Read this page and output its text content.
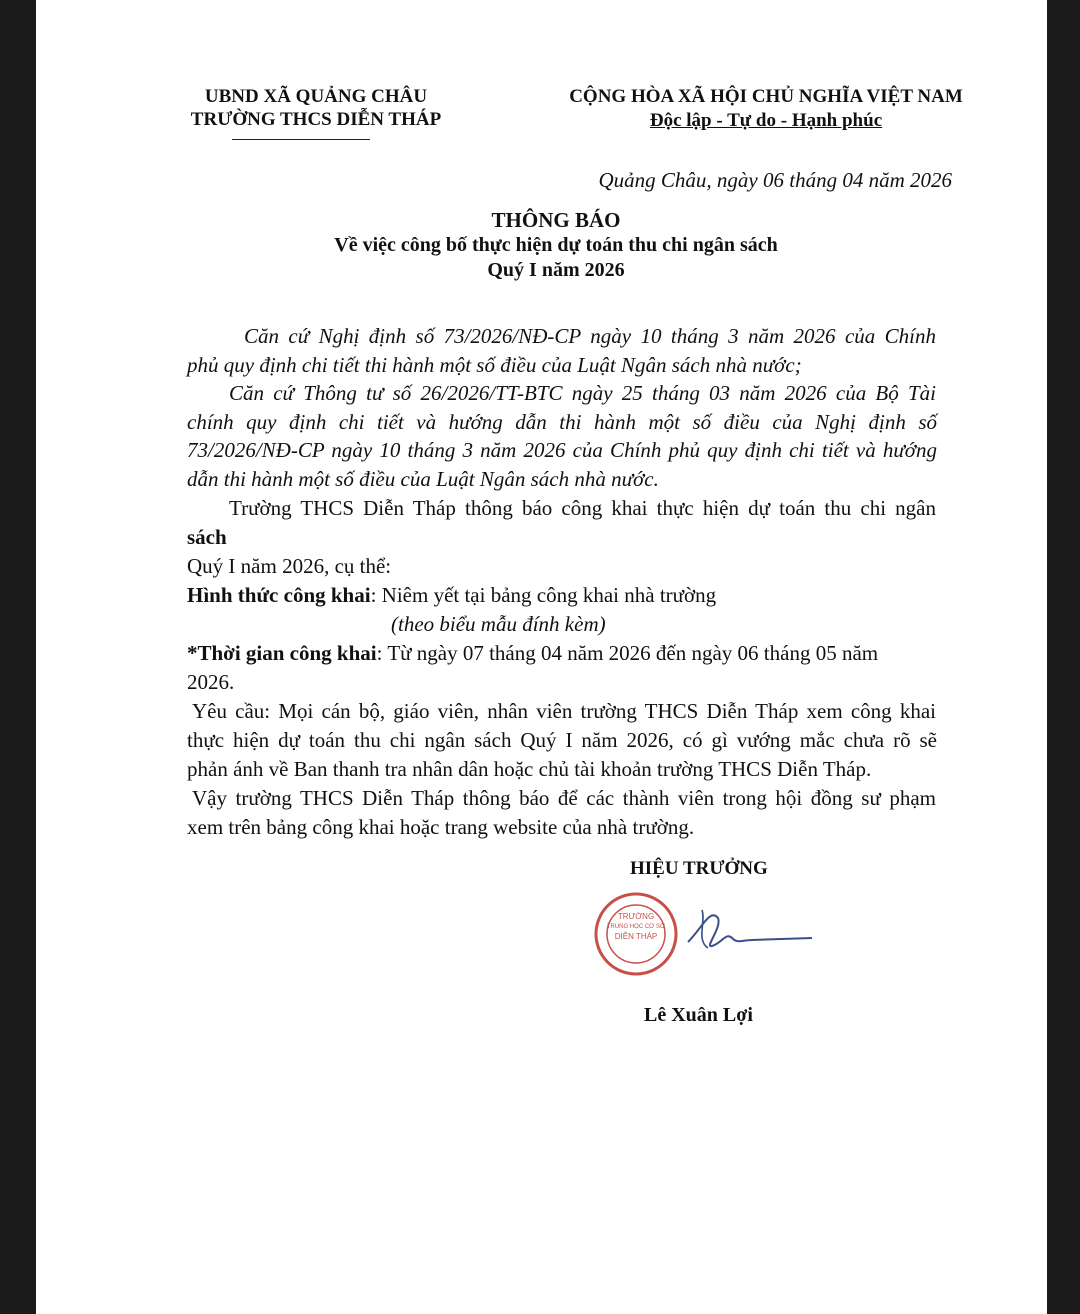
UBND XÃ QUẢNG CHÂU
TRƯỜNG THCS DIỄN THÁP
CỘNG HÒA XÃ HỘI CHỦ NGHĨA VIỆT NAM
Độc lập - Tự do - Hạnh phúc
Quảng Châu, ngày 06 tháng 04 năm 2026
THÔNG BÁO
Về việc công bố thực hiện dự toán thu chi ngân sách
Quý I năm 2026
Căn cứ Nghị định số 73/2026/NĐ-CP ngày 10 tháng 3 năm 2026 của Chính
phủ quy định chi tiết thi hành một số điều của Luật Ngân sách nhà nước;
Căn cứ Thông tư số 26/2026/TT-BTC ngày 25 tháng 03 năm 2026 của Bộ Tài
chính quy định chi tiết và hướng dẫn thi hành một số điều của Nghị định số
73/2026/NĐ-CP ngày 10 tháng 3 năm 2026 của Chính phủ quy định chi tiết và hướng
dẫn thi hành một số điều của Luật Ngân sách nhà nước.
Trường THCS Diễn Tháp thông báo công khai thực hiện dự toán thu chi ngân
sách
Quý I năm 2026, cụ thể:
Hình thức công khai: Niêm yết tại bảng công khai nhà trường
(theo biểu mẫu đính kèm)
*Thời gian công khai: Từ ngày 07 tháng 04 năm 2026 đến ngày 06 tháng 05 năm
2026.
Yêu cầu: Mọi cán bộ, giáo viên, nhân viên trường THCS Diễn Tháp xem công khai
thực hiện dự toán thu chi ngân sách Quý I năm 2026, có gì vướng mắc chưa rõ sẽ
phản ánh về Ban thanh tra nhân dân hoặc chủ tài khoản trường THCS Diễn Tháp.
Vậy trường THCS Diễn Tháp thông báo để các thành viên trong hội đồng sư phạm
xem trên bảng công khai hoặc trang website của nhà trường.
HIỆU TRƯỞNG
TRƯỜNG
TRUNG HỌC CƠ SỞ
DIỄN THÁP
Lê Xuân Lợi
